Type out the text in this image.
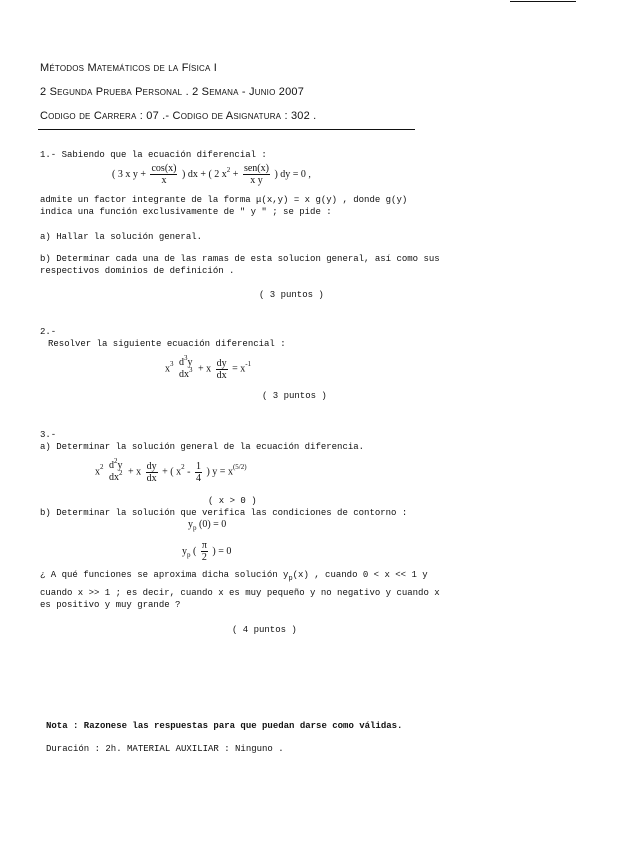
Métodos Matemáticos de la Física I
2 Segunda Prueba Personal . 2 Semana - Junio 2007
Codigo de Carrera : 07 .- Codigo de Asignatura : 302 .
1.- Sabiendo que la ecuación diferencial :
( 3 x $y + \frac{\cos(x)}{x}$ ) dx + ( 2 $x^2 + \frac{\text{sen(x)}}{\text{x y}}$ ) dy = 0 ,
admite un factor integrante de la forma μ(x,y) = x g(y) , donde g(y)
indica una función exclusivamente de " y " ; se pide :
a) Hallar la solución general.
b) Determinar cada una de las ramas de esta solucion general, así como sus
respectivos dominios de definición .
( 3 puntos )
2.-
Resolver la siguiente ecuación diferencial :
$x^3$ $d^3y$
$dx^3 + x \frac{dy}{dx} = x^{-1}$
( 3 puntos )
3.-
a) Determinar la solución general de la ecuación diferencia.
$x^2$ $d^2y$
$dx^2 + x \frac{dy}{dx}$ + ( $x^2 - \frac{1}{4}$ ) $y = x^{(5/2)}$
( x > 0 )
b) Determinar la solución que verifica las condiciones de contorno :
$y_p$ (0) = 0
$y_p$ ( $\frac{\pi}{2}$ ) = 0
¿ A qué funciones se aproxima dicha solución $y_p(x)$ , cuando 0 < x << 1 y
cuando x >> 1 ; es decir, cuando x es muy pequeño y no negativo y cuando x
es positivo y muy grande ?
( 4 puntos )
Nota : Razonese las respuestas para que puedan darse como válidas.
Duración : 2h. MATERIAL AUXILIAR : Ninguno .
